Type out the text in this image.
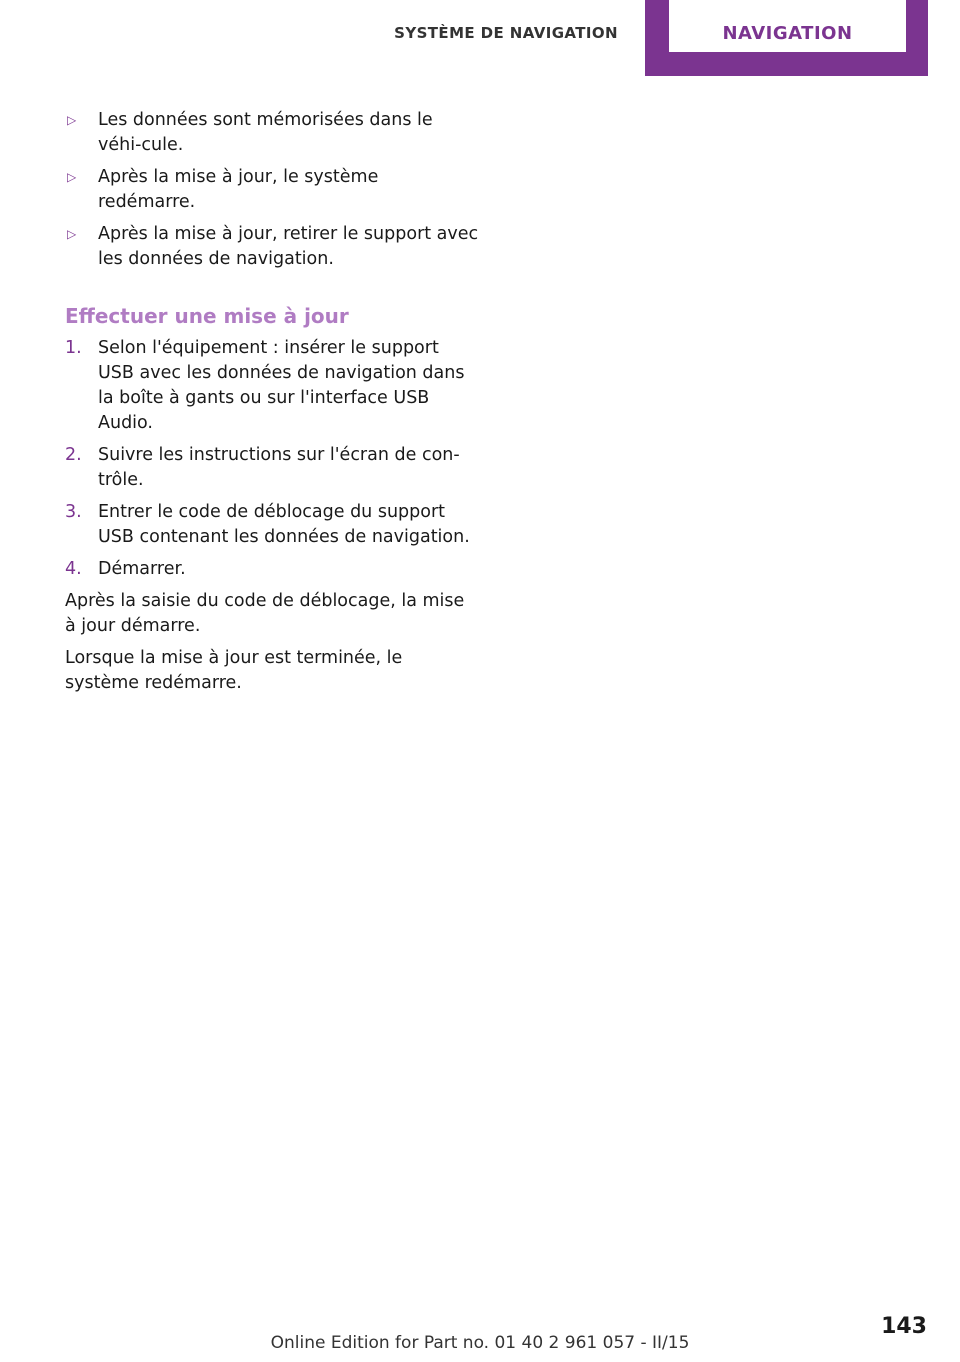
SYSTÈME DE NAVIGATION	NAVIGATION
▷ Les données sont mémorisées dans le véhi‐cule.
▷ Après la mise à jour, le système redémarre.
▷ Après la mise à jour, retirer le support avec les données de navigation.
Effectuer une mise à jour
1. Selon l'équipement : insérer le support USB avec les données de navigation dans la boîte à gants ou sur l'interface USB Audio.
2. Suivre les instructions sur l'écran de con‐trôle.
3. Entrer le code de déblocage du support USB contenant les données de navigation.
4. Démarrer.

Après la saisie du code de déblocage, la mise à jour démarre.

Lorsque la mise à jour est terminée, le système redémarre.

143
Online Edition for Part no. 01 40 2 961 057 - II/15
